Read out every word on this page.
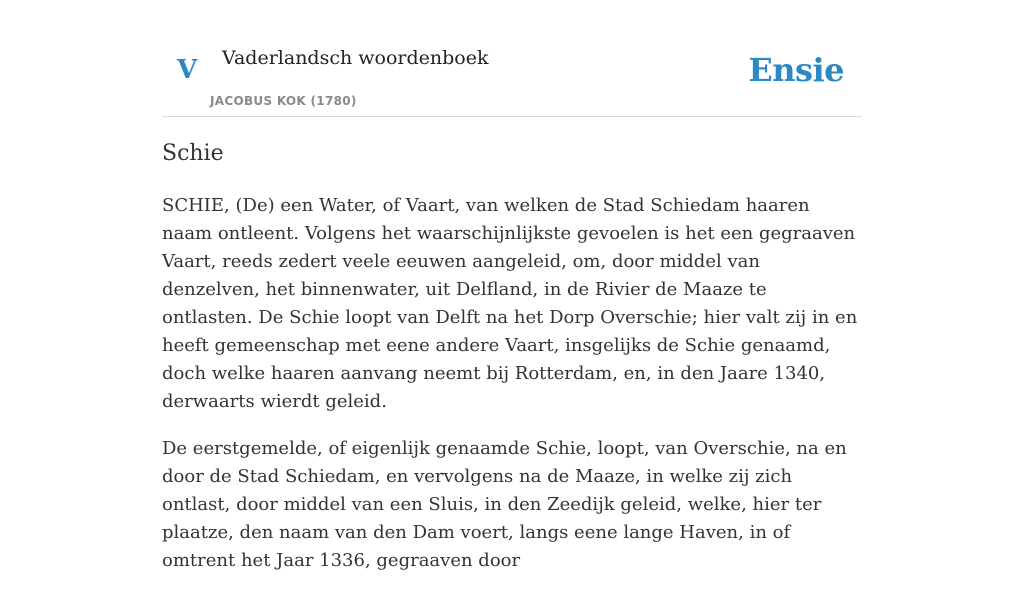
V Vaderlandsch woordenboek
JACOBUS KOK (1780)
Ensie
Schie

SCHIE, (De) een Water, of Vaart, van welken de Stad Schiedam haaren naam ontleent. Volgens het waarschijnlijkste gevoelen is het een gegraaven Vaart, reeds zedert veele eeuwen aangeleid, om, door middel van denzelven, het binnenwater, uit Delfland, in de Rivier de Maaze te ontlasten. De Schie loopt van Delft na het Dorp Overschie; hier valt zij in en heeft gemeenschap met eene andere Vaart, insgelijks de Schie genaamd, doch welke haaren aanvang neemt bij Rotterdam, en, in den Jaare 1340, derwaarts wierdt geleid.

De eerstgemelde, of eigenlijk genaamde Schie, loopt, van Overschie, na en door de Stad Schiedam, en vervolgens na de Maaze, in welke zij zich ontlast, door middel van een Sluis, in den Zeedijk geleid, welke, hier ter plaatze, den naam van den Dam voert, langs eene lange Haven, in of omtrent het Jaar 1336, gegraaven door
